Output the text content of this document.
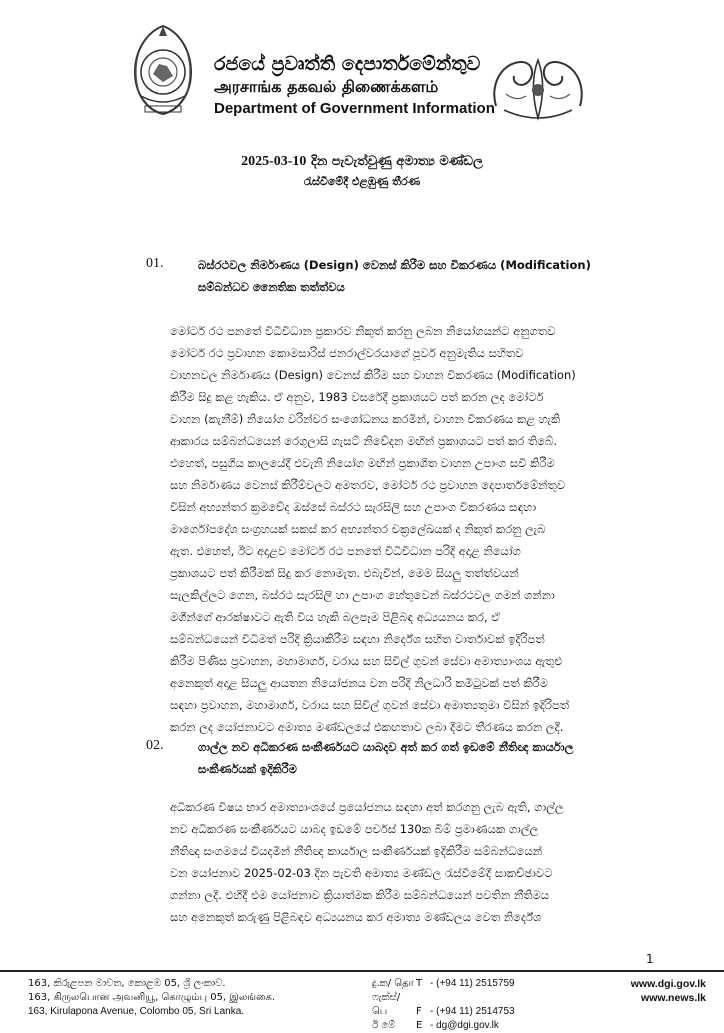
රජයේ ප්‍රවෘත්ති දෙපාර්තමේන්තුව
அரசாங்க தகவல் திணைக்களம்
Department of Government Information
2025-03-10 දින පැවැත්වුණු අමාත්‍ය මණ්ඩල
රැස්වීමේදී එළඹුණු තීරණ
01.	බස්රථවල නිර්මාණය (Design) වෙනස් කිරීම සහ විකරණය (Modification)
සම්බන්ධව නෛතික තත්ත්වය
මෝටර් රථ පනතේ විධිවිධාන ප්‍රකාරව නිකුත් කරනු ලබන නියෝගයන්ට අනුගතව
මෝටර් රථ ප්‍රවාහන කොමසාරිස් ජනරාල්වරයාගේ පූර්ව අනුමැතිය සහිතව
වාහනවල නිර්මාණය (Design) වෙනස් කිරීම සහ වාහන විකරණය (Modification)
කිරීම සිදු කළ හැකිය. ඒ අනුව, 1983 වසරේදී ප්‍රකාශයට පත් කරන ලද මෝටර්
වාහන (කැනීම්) නියෝග වරින්වර සංශෝධනය කරමින්, වාහන විකරණය කළ හැකි
ආකාරය සම්බන්ධයෙන් රෙගුලාසි ගැසට් නිවේදන මඟින් ප්‍රකාශයට පත් කර තිබේ.
එහෙත්, පසුගිය කාලයේදී එවැනි නියෝග මඟින් ප්‍රකාශිත වාහන උපාංග සවි කිරීම
සහ නිර්මාණය වෙනස් කිරීම්වලට අමතරව, මෝටර් රථ ප්‍රවාහන දෙපාර්තමේන්තුව
විසින් අභ්‍යන්තර ක්‍රමවේද ඔස්සේ බස්රථ සැරසිලි සහ උපාංග විකරණය සඳහා
මාර්ගෝපදේශ සංග්‍රහයක් සකස් කර අභ්‍යන්තර චක්‍රලේඛයක් ද නිකුත් කරනු ලැබ
ඇත. එහෙත්, ඊට අදාළව මෝටර් රථ පනතේ විධිවිධාන පරිදි අදාළ නියෝග
ප්‍රකාශයට පත් කිරීමක් සිදු කර නොමැත. එබැවින්, මෙම සියලු තත්ත්වයන්
සැලකිල්ලට ගෙන, බස්රථ සැරසිලි හා උපාංග හේතුවෙන් බස්රථවල ගමන් ගන්නා
මගීන්ගේ ආරක්ෂාවට ඇති විය හැකි බලපෑම පිළිබඳ අධ්‍යයනය කර, ඒ
සම්බන්ධයෙන් විධිමත් පරිදි ක්‍රියාකිරීම සඳහා නිර්දේශ සහිත වාර්තාවක් ඉදිරිපත්
කිරීම පිණිස ප්‍රවාහන, මහාමාර්ග, වරාය සහ සිවිල් ගුවන් සේවා අමාත්‍යාංශය ඇතුළු
අනෙකුත් අදාළ සියලු ආයතන නියෝජනය වන පරිදි නිලධාරි කමිටුවක් පත් කිරීම
සඳහා ප්‍රවාහන, මහාමාර්ග, වරාය සහ සිවිල් ගුවන් සේවා අමාත්‍යතුමා විසින් ඉදිරිපත්
කරන ලද යෝජනාවට අමාත්‍ය මණ්ඩලයේ එකඟතාව ලබා දීමට තීරණය කරන ලදී.
02.	ගාල්ල නව අධිකරණ සංකීර්ණයට යාබදව අත් කර ගත් ඉඩමේ නීතිඥ කාර්යාල
සංකීර්ණයක් ඉදිකිරීම
අධිකරණ විෂය භාර අමාත්‍යාංශයේ ප්‍රයෝජනය සඳහා අත් කරගනු ලැබ ඇති, ගාල්ල
නව අධිකරණ සංකීර්ණයට යාබද ඉඩමේ පර්චස් 130ක බිම් ප්‍රමාණයක ගාල්ල
නීතිඥ සංගමයේ වියදමින් නීතිඥ කාර්යාල සංකීර්ණයක් ඉදිකිරීම සම්බන්ධයෙන්
වන යෝජනාව 2025-02-03 දින පැවති අමාත්‍ය මණ්ඩල රැස්වීමේදී සාකච්ඡාවට
ගන්නා ලදී. එහිදී එම යෝජනාව ක්‍රියාත්මක කිරීම සම්බන්ධයෙන් පවතින නීතිමය
සහ අනෙකුත් කරුණු පිළිබඳව අධ්‍යයනය කර අමාත්‍ය මණ්ඩලය වෙත නිර්දේශ
1
163, කිරුළපන මාවත, කොළඹ 05, ශ්‍රී ලංකාව.
163, கிருலபொன அவனியூ, கொழும்பு 05, இலங்கை.
163, Kirulapona Avenue, Colombo 05, Sri Lanka.
දු.ක/ தொ T - (+94 11) 2515759
ෆැක්ස්/ பெ	F - (+94 11) 2514753
ඊ මේ E - dg@dgi.gov.lk
www.dgi.gov.lk
www.news.lk
